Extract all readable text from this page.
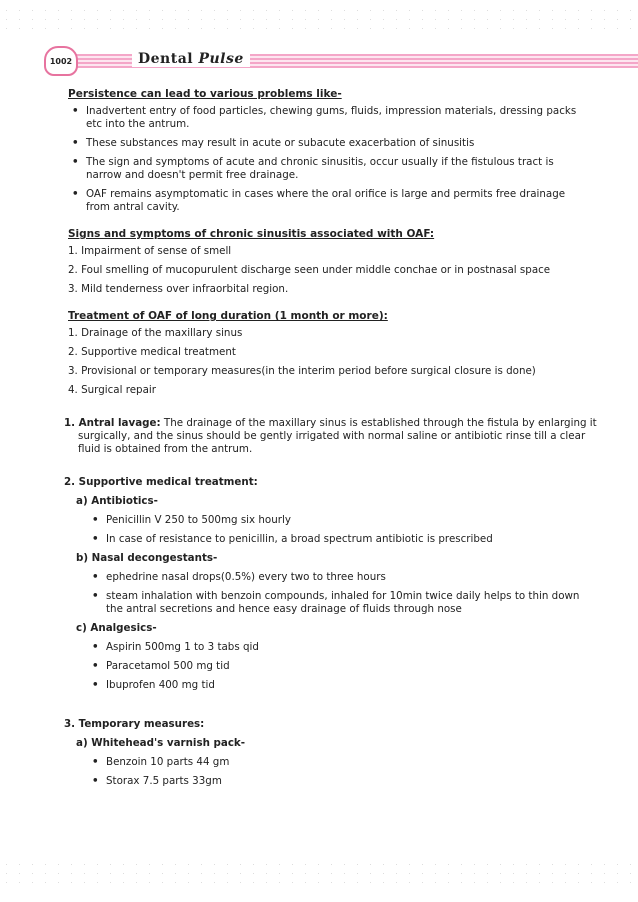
1002	Dental Pulse
Persistence can lead to various problems like-
• Inadvertent entry of food particles, chewing gums, fluids, impression materials, dressing packs etc into the antrum.
• These substances may result in acute or subacute exacerbation of sinusitis
• The sign and symptoms of acute and chronic sinusitis, occur usually if the fistulous tract is narrow and doesn't permit free drainage.
• OAF remains asymptomatic in cases where the oral orifice is large and permits free drainage from antral cavity.
Signs and symptoms of chronic sinusitis associated with OAF:
1. Impairment of sense of smell
2. Foul smelling of mucopurulent discharge seen under middle conchae or in postnasal space
3. Mild tenderness over infraorbital region.
Treatment of OAF of long duration (1 month or more):
1. Drainage of the maxillary sinus
2. Supportive medical treatment
3. Provisional or temporary measures(in the interim period before surgical closure is done)
4. Surgical repair

1. Antral lavage: The drainage of the maxillary sinus is established through the fistula by enlarging it surgically, and the sinus should be gently irrigated with normal saline or antibiotic rinse till a clear fluid is obtained from the antrum.

2. Supportive medical treatment:
a) Antibiotics-
• Penicillin V 250 to 500mg six hourly
• In case of resistance to penicillin, a broad spectrum antibiotic is prescribed
b) Nasal decongestants-
• ephedrine nasal drops(0.5%) every two to three hours
• steam inhalation with benzoin compounds, inhaled for 10min twice daily helps to thin down the antral secretions and hence easy drainage of fluids through nose
c) Analgesics-
• Aspirin 500mg 1 to 3 tabs qid
• Paracetamol 500 mg tid
• Ibuprofen 400 mg tid
3. Temporary measures:
a) Whitehead's varnish pack-
• Benzoin 10 parts 44 gm
• Storax 7.5 parts 33gm
